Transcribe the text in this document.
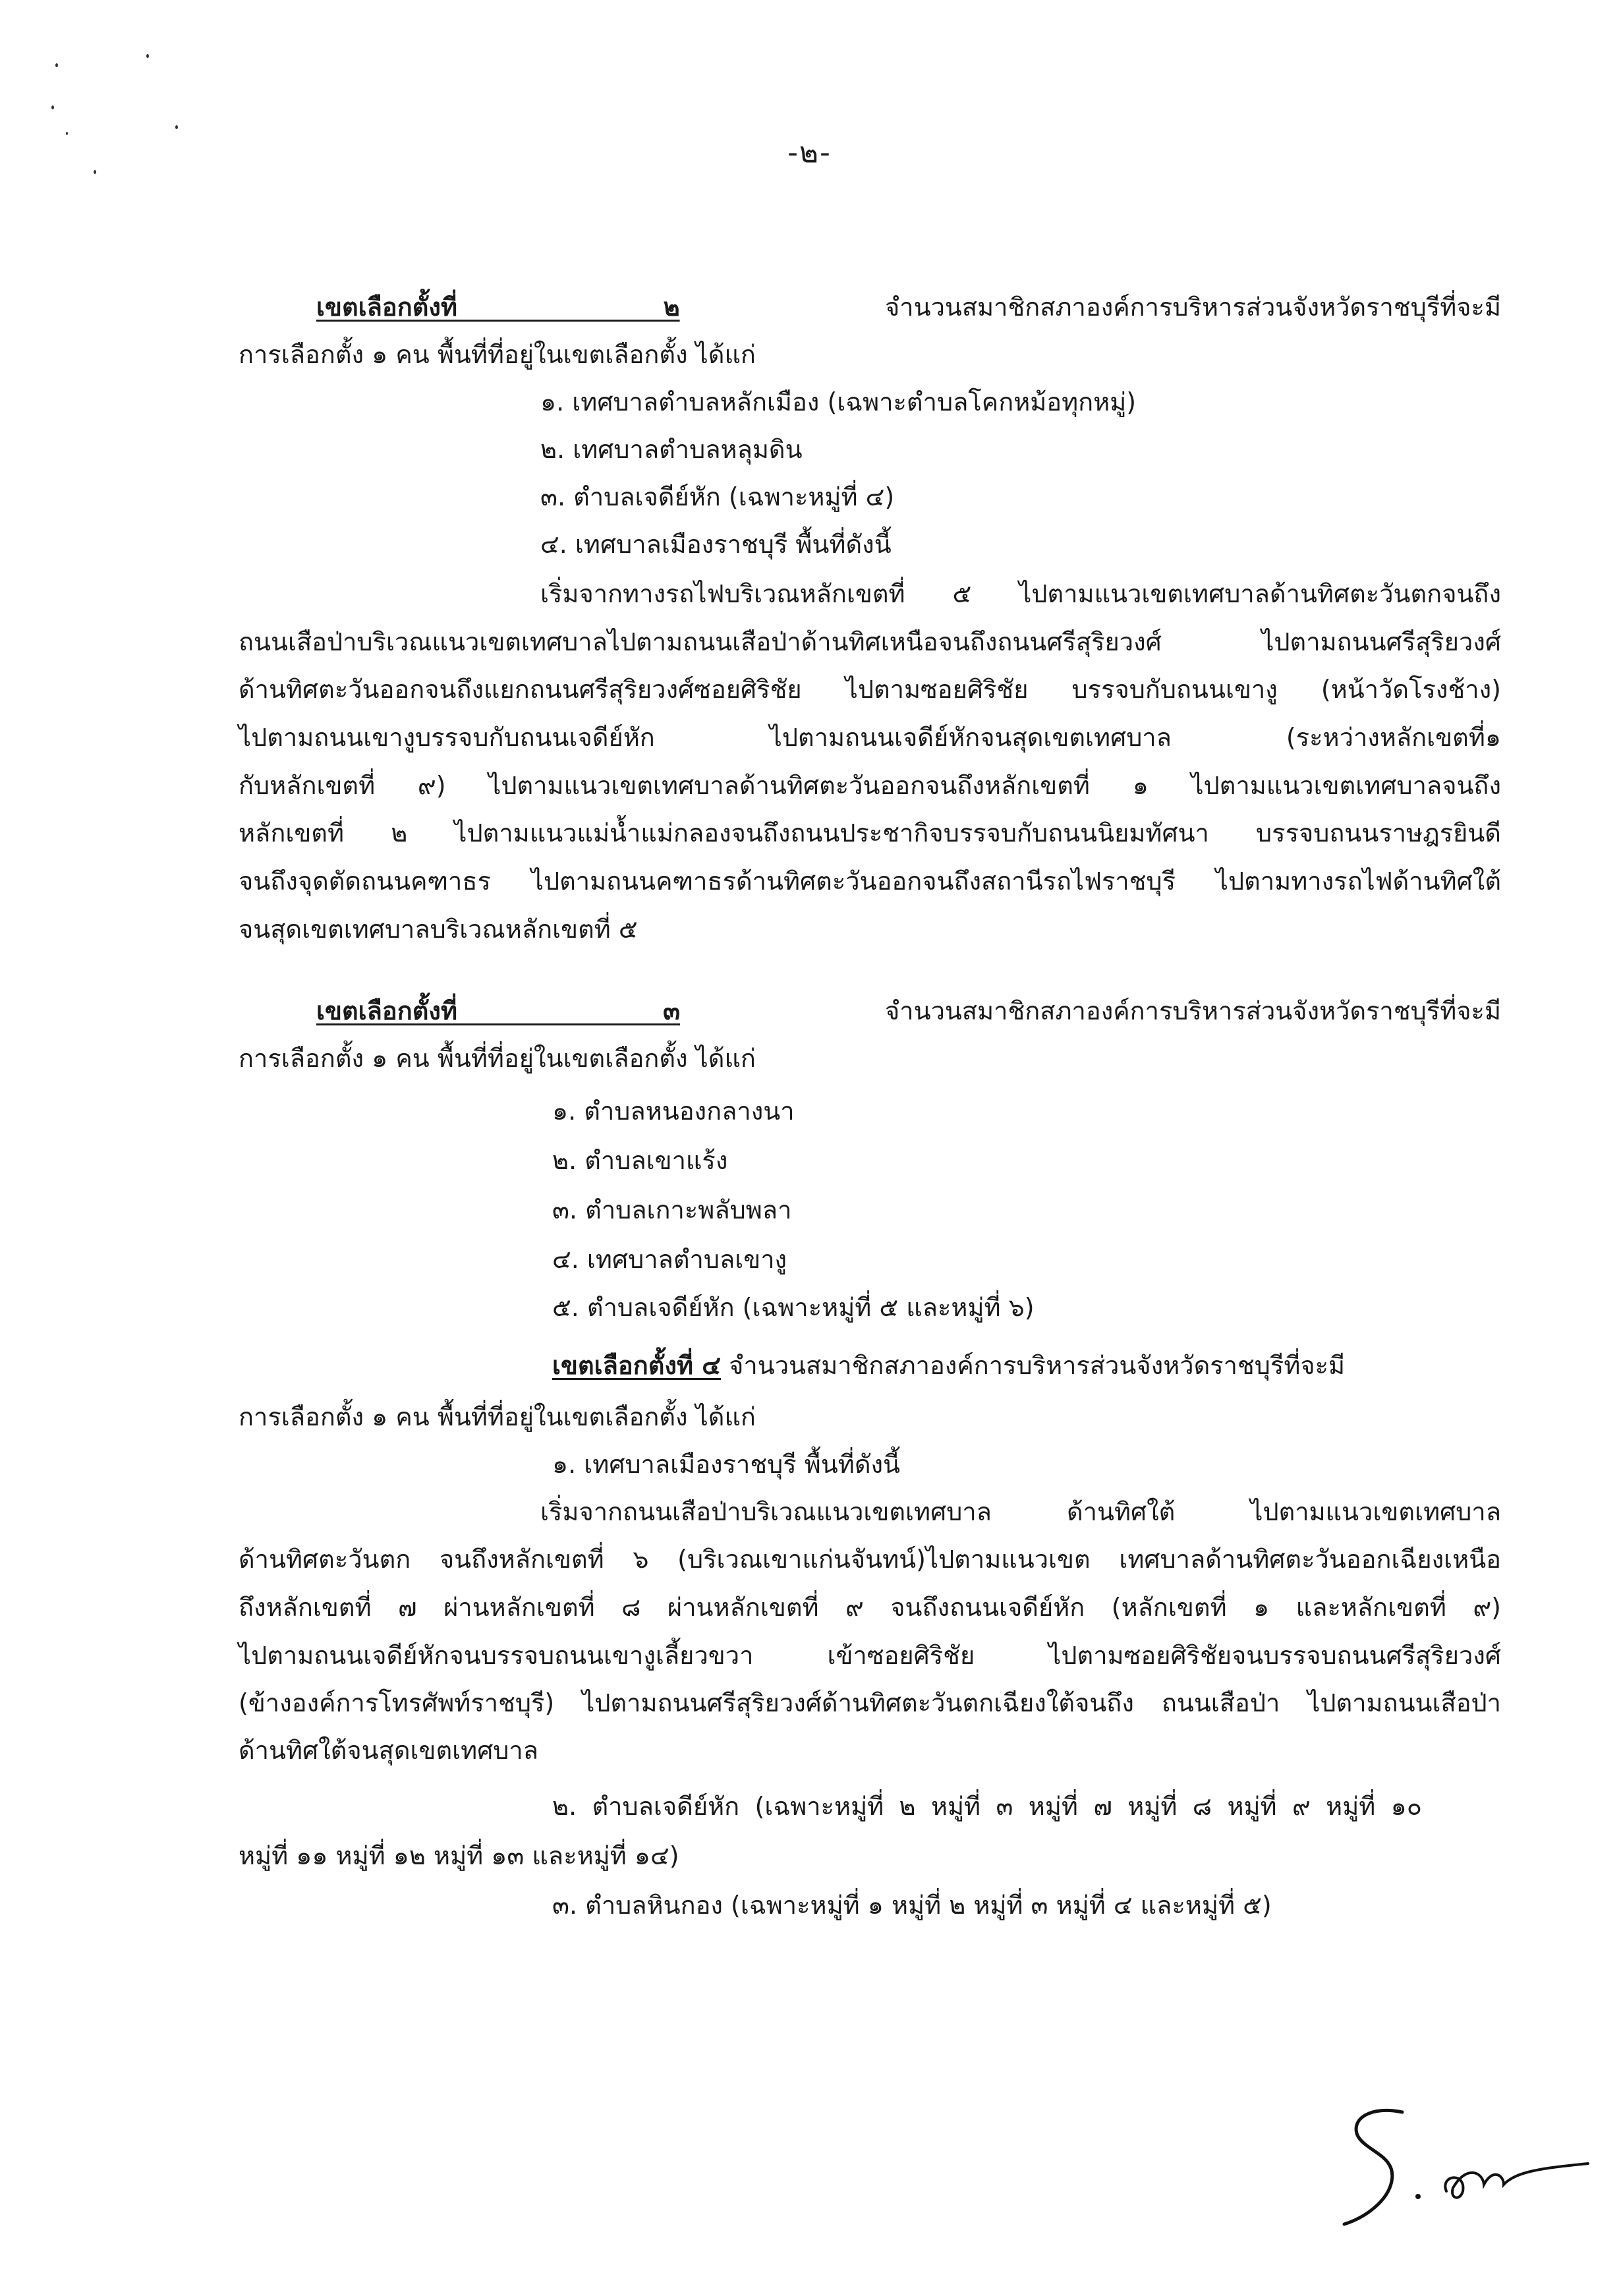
-๒-
เขตเลือกตั้งที่ ๒	จำนวนสมาชิกสภาองค์การบริหารส่วนจังหวัดราชบุรีที่จะมี
การเลือกตั้ง ๑ คน พื้นที่ที่อยู่ในเขตเลือกตั้ง ได้แก่
๑. เทศบาลตำบลหลักเมือง (เฉพาะตำบลโคกหม้อทุกหมู่)
๒. เทศบาลตำบลหลุมดิน
๓. ตำบลเจดีย์หัก (เฉพาะหมู่ที่ ๔)
๔. เทศบาลเมืองราชบุรี พื้นที่ดังนี้
เริ่มจากทางรถไฟบริเวณหลักเขตที่ ๕ ไปตามแนวเขตเทศบาลด้านทิศตะวันตกจนถึง
ถนนเสือป่าบริเวณแนวเขตเทศบาลไปตามถนนเสือป่าด้านทิศเหนือจนถึงถนนศรีสุริยวงศ์ ไปตามถนนศรีสุริยวงศ์
ด้านทิศตะวันออกจนถึงแยกถนนศรีสุริยวงศ์ซอยศิริชัย ไปตามซอยศิริชัย บรรจบกับถนนเขางู (หน้าวัดโรงช้าง)
ไปตามถนนเขางูบรรจบกับถนนเจดีย์หัก ไปตามถนนเจดีย์หักจนสุดเขตเทศบาล (ระหว่างหลักเขตที่๑
กับหลักเขตที่ ๙) ไปตามแนวเขตเทศบาลด้านทิศตะวันออกจนถึงหลักเขตที่ ๑ ไปตามแนวเขตเทศบาลจนถึง
หลักเขตที่ ๒ ไปตามแนวแม่น้ำแม่กลองจนถึงถนนประชากิจบรรจบกับถนนนิยมทัศนา บรรจบถนนราษฎรยินดี
จนถึงจุดตัดถนนคฑาธร ไปตามถนนคฑาธรด้านทิศตะวันออกจนถึงสถานีรถไฟราชบุรี ไปตามทางรถไฟด้านทิศใต้
จนสุดเขตเทศบาลบริเวณหลักเขตที่ ๕
เขตเลือกตั้งที่ ๓	จำนวนสมาชิกสภาองค์การบริหารส่วนจังหวัดราชบุรีที่จะมี
การเลือกตั้ง ๑ คน พื้นที่ที่อยู่ในเขตเลือกตั้ง ได้แก่
๑. ตำบลหนองกลางนา
๒. ตำบลเขาแร้ง
๓. ตำบลเกาะพลับพลา
๔. เทศบาลตำบลเขางู
๕. ตำบลเจดีย์หัก (เฉพาะหมู่ที่ ๕ และหมู่ที่ ๖)
เขตเลือกตั้งที่ ๔ จำนวนสมาชิกสภาองค์การบริหารส่วนจังหวัดราชบุรีที่จะมี
การเลือกตั้ง ๑ คน พื้นที่ที่อยู่ในเขตเลือกตั้ง ได้แก่
๑. เทศบาลเมืองราชบุรี พื้นที่ดังนี้
เริ่มจากถนนเสือป่าบริเวณแนวเขตเทศบาล ด้านทิศใต้ ไปตามแนวเขตเทศบาล
ด้านทิศตะวันตก จนถึงหลักเขตที่ ๖ (บริเวณเขาแก่นจันทน์)ไปตามแนวเขต เทศบาลด้านทิศตะวันออกเฉียงเหนือ
ถึงหลักเขตที่ ๗ ผ่านหลักเขตที่ ๘ ผ่านหลักเขตที่ ๙ จนถึงถนนเจดีย์หัก (หลักเขตที่ ๑ และหลักเขตที่ ๙)
ไปตามถนนเจดีย์หักจนบรรจบถนนเขางูเลี้ยวขวา เข้าซอยศิริชัย ไปตามซอยศิริชัยจนบรรจบถนนศรีสุริยวงศ์
(ข้างองค์การโทรศัพท์ราชบุรี) ไปตามถนนศรีสุริยวงศ์ด้านทิศตะวันตกเฉียงใต้จนถึง ถนนเสือป่า ไปตามถนนเสือป่า
ด้านทิศใต้จนสุดเขตเทศบาล
๒. ตำบลเจดีย์หัก (เฉพาะหมู่ที่ ๒ หมู่ที่ ๓ หมู่ที่ ๗ หมู่ที่ ๘ หมู่ที่ ๙ หมู่ที่ ๑๐
หมู่ที่ ๑๑ หมู่ที่ ๑๒ หมู่ที่ ๑๓ และหมู่ที่ ๑๔)
๓. ตำบลหินกอง (เฉพาะหมู่ที่ ๑ หมู่ที่ ๒ หมู่ที่ ๓ หมู่ที่ ๔ และหมู่ที่ ๕)
